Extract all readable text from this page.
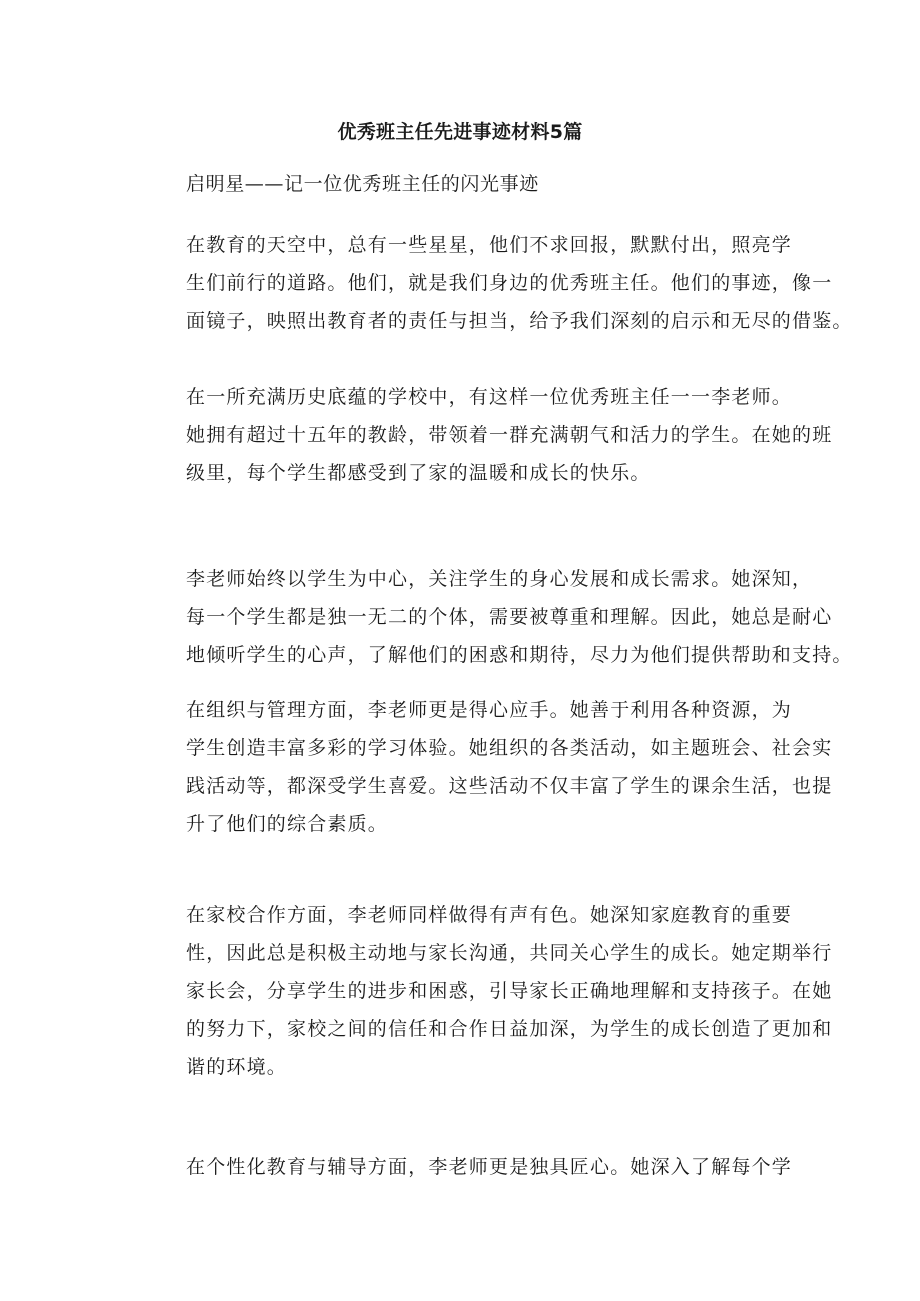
优秀班主任先进事迹材料5篇

启明星——记一位优秀班主任的闪光事迹

在教育的天空中，总有一些星星，他们不求回报，默默付出，照亮学
生们前行的道路。他们，就是我们身边的优秀班主任。他们的事迹，像一
面镜子，映照出教育者的责任与担当，给予我们深刻的启示和无尽的借鉴。

在一所充满历史底蕴的学校中，有这样一位优秀班主任一一李老师。
她拥有超过十五年的教龄，带领着一群充满朝气和活力的学生。在她的班
级里，每个学生都感受到了家的温暖和成长的快乐。

李老师始终以学生为中心，关注学生的身心发展和成长需求。她深知，
每一个学生都是独一无二的个体，需要被尊重和理解。因此，她总是耐心
地倾听学生的心声，了解他们的困惑和期待，尽力为他们提供帮助和支持。

在组织与管理方面，李老师更是得心应手。她善于利用各种资源，为
学生创造丰富多彩的学习体验。她组织的各类活动，如主题班会、社会实
践活动等，都深受学生喜爱。这些活动不仅丰富了学生的课余生活，也提
升了他们的综合素质。

在家校合作方面，李老师同样做得有声有色。她深知家庭教育的重要
性，因此总是积极主动地与家长沟通，共同关心学生的成长。她定期举行
家长会，分享学生的进步和困惑，引导家长正确地理解和支持孩子。在她
的努力下，家校之间的信任和合作日益加深，为学生的成长创造了更加和
谐的环境。

在个性化教育与辅导方面，李老师更是独具匠心。她深入了解每个学
